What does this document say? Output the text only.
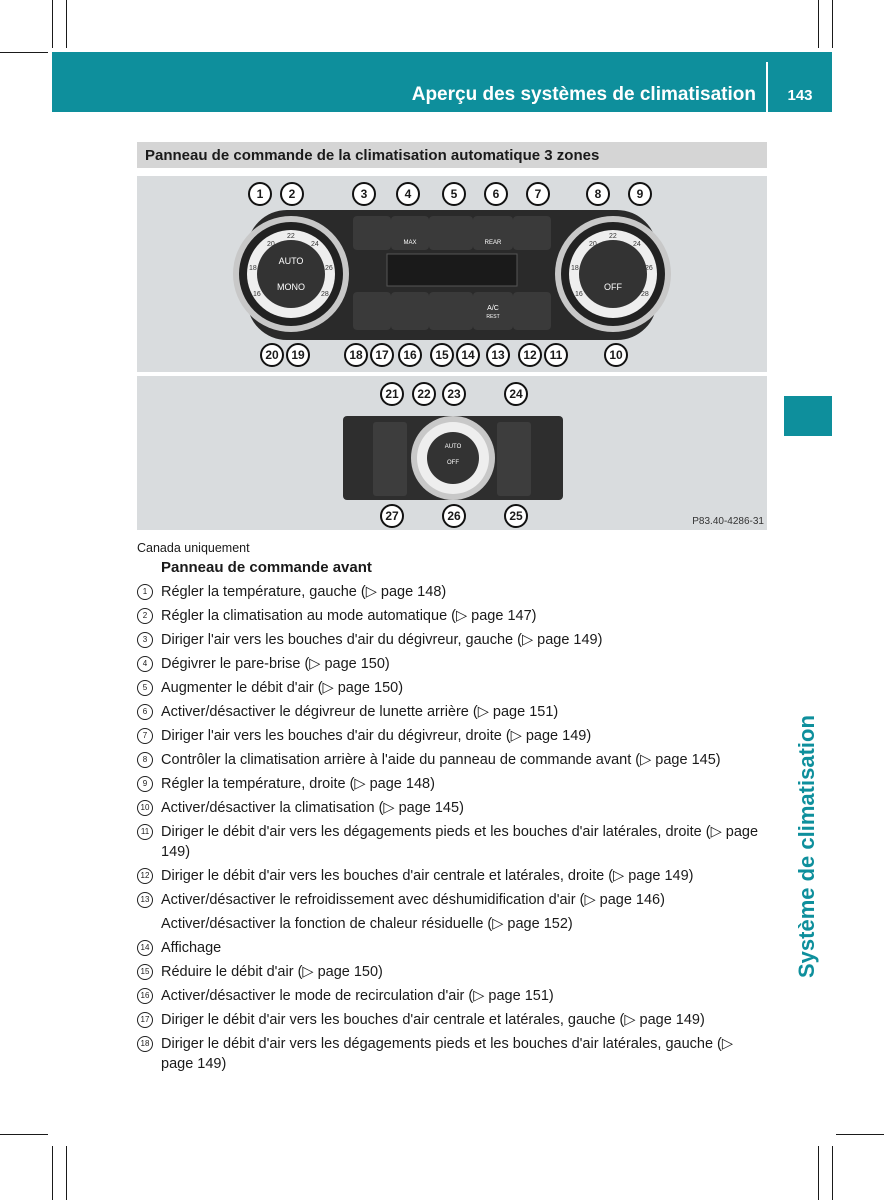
Aperçu des systèmes de climatisation	143
Système de climatisation
Panneau de commande de la climatisation automatique 3 zones
AUTO
MONO
20
22
24
26
28
18
16
OFF
20
22
24
26
28
18
16
MAX	REAR
A/C
REST
1	2	3	4	5	6	7	8	9
20	19	18	17	16	15	14	13	12	11	10
AUTO
OFF
21	22	23	24
27	26	25	P83.40-4286-31
Canada uniquement
Panneau de commande avant
1 Régler la température, gauche (▷ page 148)
2 Régler la climatisation au mode automatique (▷ page 147)
3 Diriger l'air vers les bouches d'air du dégivreur, gauche (▷ page 149)
4 Dégivrer le pare-brise (▷ page 150)
5 Augmenter le débit d'air (▷ page 150)
6 Activer/désactiver le dégivreur de lunette arrière (▷ page 151)
7 Diriger l'air vers les bouches d'air du dégivreur, droite (▷ page 149)
8 Contrôler la climatisation arrière à l'aide du panneau de commande avant (▷ page 145)
9 Régler la température, droite (▷ page 148)
10 Activer/désactiver la climatisation (▷ page 145)
11 Diriger le débit d'air vers les dégagements pieds et les bouches d'air latérales, droite (▷ page 149)
12 Diriger le débit d'air vers les bouches d'air centrale et latérales, droite (▷ page 149)
13 Activer/désactiver le refroidissement avec déshumidification d'air (▷ page 146)
Activer/désactiver la fonction de chaleur résiduelle (▷ page 152)
14 Affichage
15 Réduire le débit d'air (▷ page 150)
16 Activer/désactiver le mode de recirculation d'air (▷ page 151)
17 Diriger le débit d'air vers les bouches d'air centrale et latérales, gauche (▷ page 149)
18 Diriger le débit d'air vers les dégagements pieds et les bouches d'air latérales, gauche (▷ page 149)
